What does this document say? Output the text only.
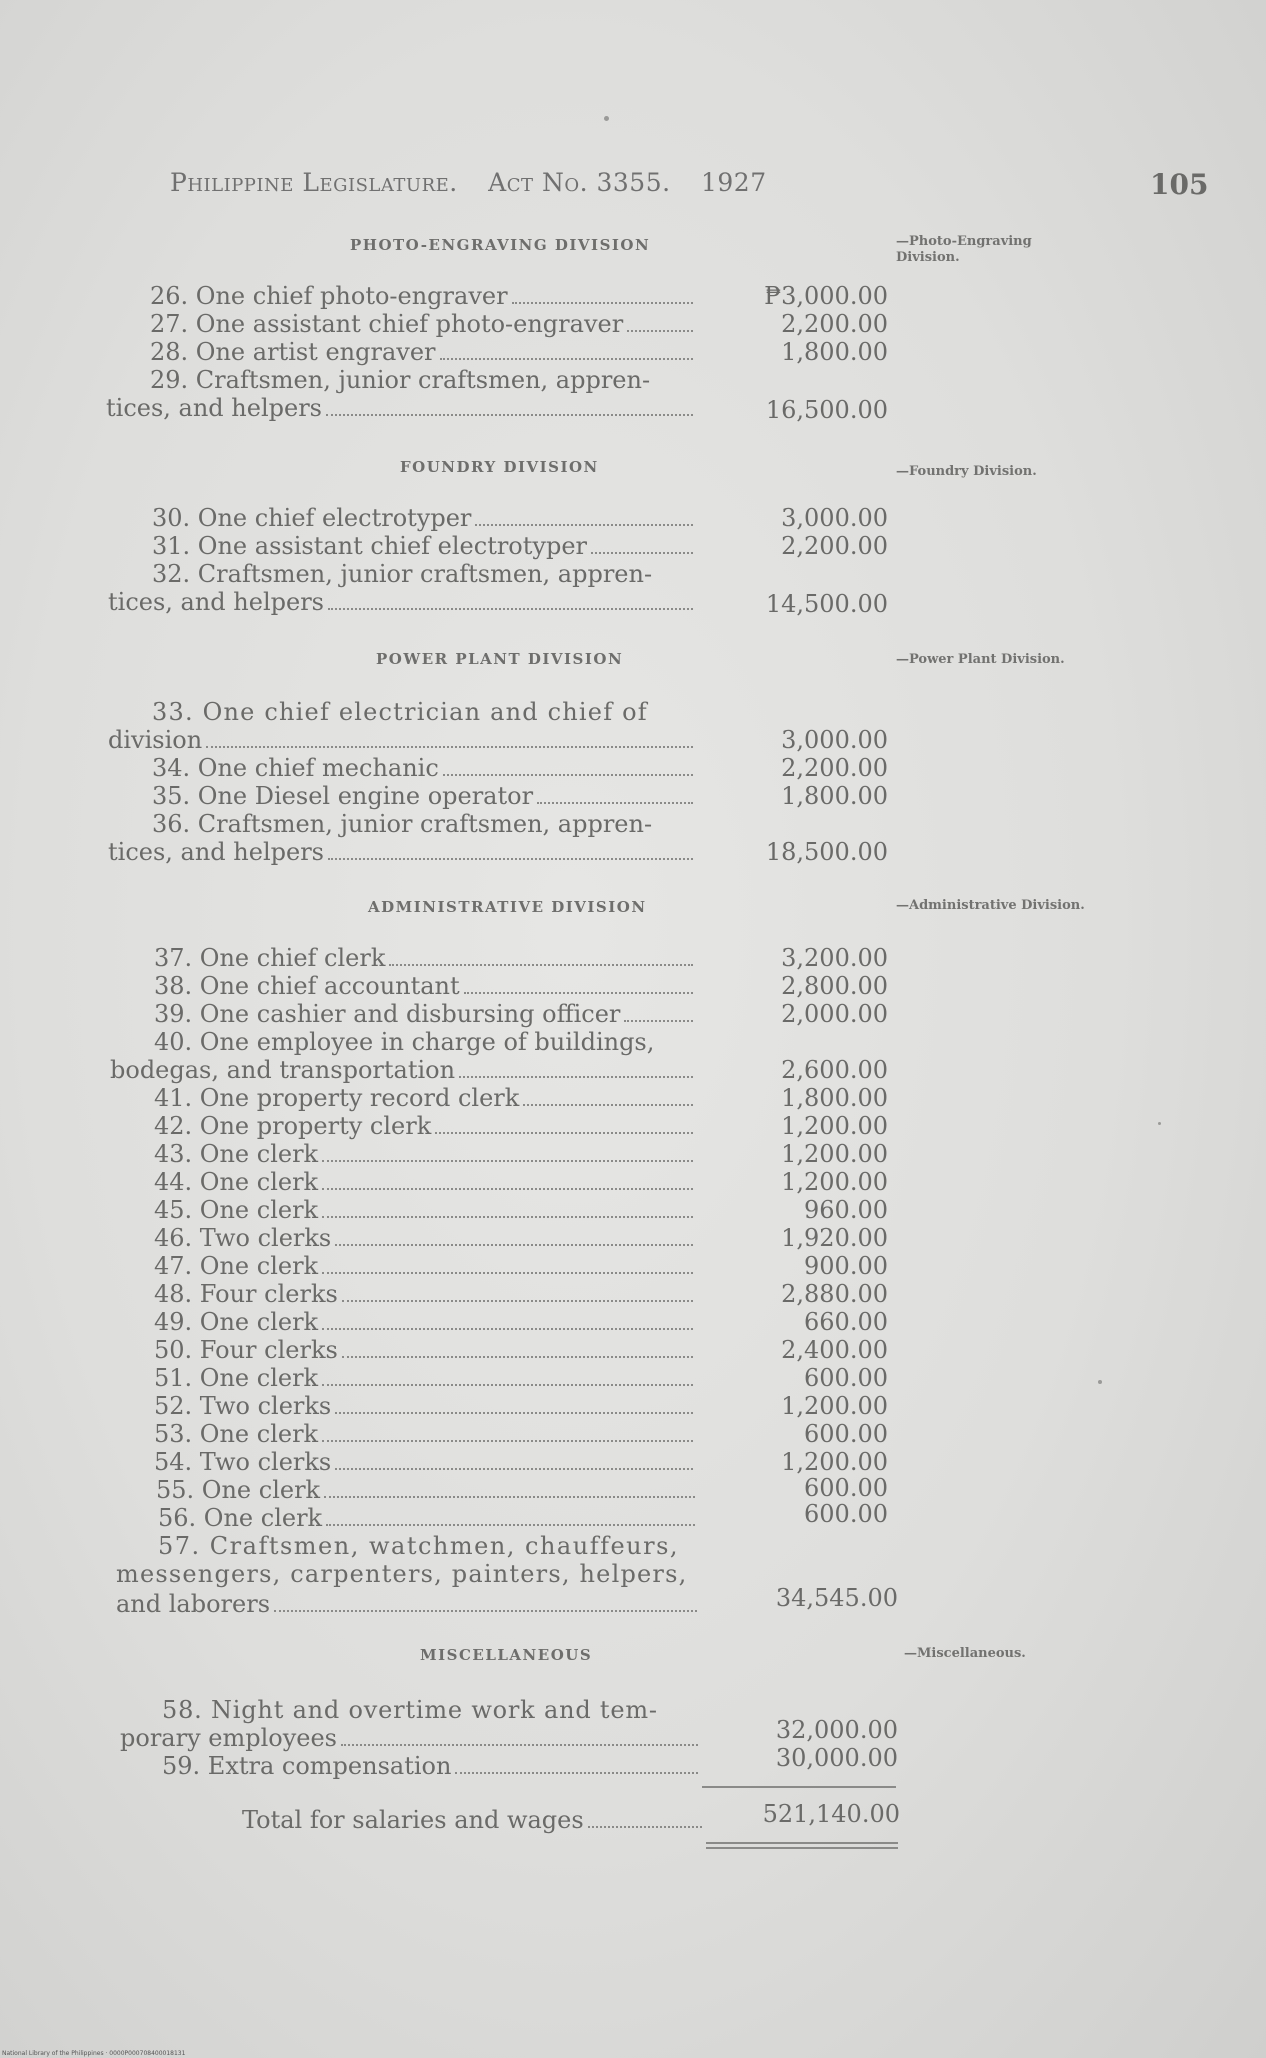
Philippine Legislature. Act No. 3355. 1927	105
PHOTO-ENGRAVING DIVISION	—Photo-Engraving Division.
26. One chief photo-engraver	₱3,000.00
27. One assistant chief photo-engraver	2,200.00
28. One artist engraver	1,800.00
29. Craftsmen, junior craftsmen, appren-
tices, and helpers	16,500.00
FOUNDRY DIVISION	—Foundry Division.
30. One chief electrotyper	3,000.00
31. One assistant chief electrotyper	2,200.00
32. Craftsmen, junior craftsmen, appren-
tices, and helpers	14,500.00
POWER PLANT DIVISION	—Power Plant Division.
33. One chief electrician and chief of
division	3,000.00
34. One chief mechanic	2,200.00
35. One Diesel engine operator	1,800.00
36. Craftsmen, junior craftsmen, appren-
tices, and helpers	18,500.00
ADMINISTRATIVE DIVISION	—Administrative Division.
37. One chief clerk	3,200.00
38. One chief accountant	2,800.00
39. One cashier and disbursing officer	2,000.00
40. One employee in charge of buildings,
bodegas, and transportation	2,600.00
41. One property record clerk	1,800.00
42. One property clerk	1,200.00
43. One clerk	1,200.00
44. One clerk	1,200.00
45. One clerk	960.00
46. Two clerks	1,920.00
47. One clerk	900.00
48. Four clerks	2,880.00
49. One clerk	660.00
50. Four clerks	2,400.00
51. One clerk	600.00
52. Two clerks	1,200.00
53. One clerk	600.00
54. Two clerks	1,200.00
55. One clerk	600.00
56. One clerk	600.00
57. Craftsmen, watchmen, chauffeurs,
messengers, carpenters, painters, helpers,
and laborers	34,545.00
MISCELLANEOUS	—Miscellaneous.
58. Night and overtime work and tem-
porary employees	32,000.00
59. Extra compensation	30,000.00
Total for salaries and wages	521,140.00
National Library of the Philippines · 0000P000708400018131
